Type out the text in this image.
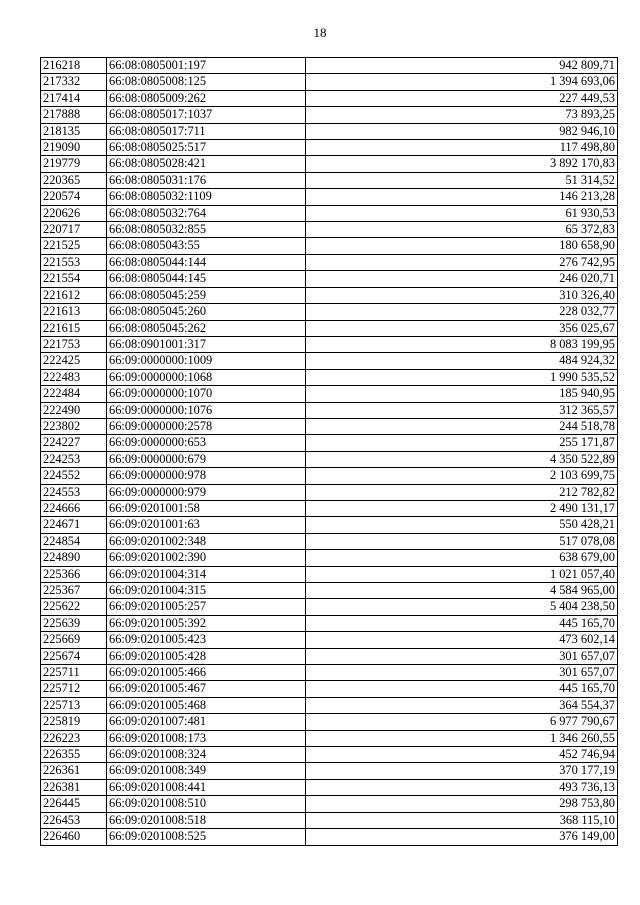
18
216218	66:08:0805001:197	942 809,71
217332	66:08:0805008:125	1 394 693,06
217414	66:08:0805009:262	227 449,53
217888	66:08:0805017:1037	73 893,25
218135	66:08:0805017:711	982 946,10
219090	66:08:0805025:517	117 498,80
219779	66:08:0805028:421	3 892 170,83
220365	66:08:0805031:176	51 314,52
220574	66:08:0805032:1109	146 213,28
220626	66:08:0805032:764	61 930,53
220717	66:08:0805032:855	65 372,83
221525	66:08:0805043:55	180 658,90
221553	66:08:0805044:144	276 742,95
221554	66:08:0805044:145	246 020,71
221612	66:08:0805045:259	310 326,40
221613	66:08:0805045:260	228 032,77
221615	66:08:0805045:262	356 025,67
221753	66:08:0901001:317	8 083 199,95
222425	66:09:0000000:1009	484 924,32
222483	66:09:0000000:1068	1 990 535,52
222484	66:09:0000000:1070	185 940,95
222490	66:09:0000000:1076	312 365,57
223802	66:09:0000000:2578	244 518,78
224227	66:09:0000000:653	255 171,87
224253	66:09:0000000:679	4 350 522,89
224552	66:09:0000000:978	2 103 699,75
224553	66:09:0000000:979	212 782,82
224666	66:09:0201001:58	2 490 131,17
224671	66:09:0201001:63	550 428,21
224854	66:09:0201002:348	517 078,08
224890	66:09:0201002:390	638 679,00
225366	66:09:0201004:314	1 021 057,40
225367	66:09:0201004:315	4 584 965,00
225622	66:09:0201005:257	5 404 238,50
225639	66:09:0201005:392	445 165,70
225669	66:09:0201005:423	473 602,14
225674	66:09:0201005:428	301 657,07
225711	66:09:0201005:466	301 657,07
225712	66:09:0201005:467	445 165,70
225713	66:09:0201005:468	364 554,37
225819	66:09:0201007:481	6 977 790,67
226223	66:09:0201008:173	1 346 260,55
226355	66:09:0201008:324	452 746,94
226361	66:09:0201008:349	370 177,19
226381	66:09:0201008:441	493 736,13
226445	66:09:0201008:510	298 753,80
226453	66:09:0201008:518	368 115,10
226460	66:09:0201008:525	376 149,00
